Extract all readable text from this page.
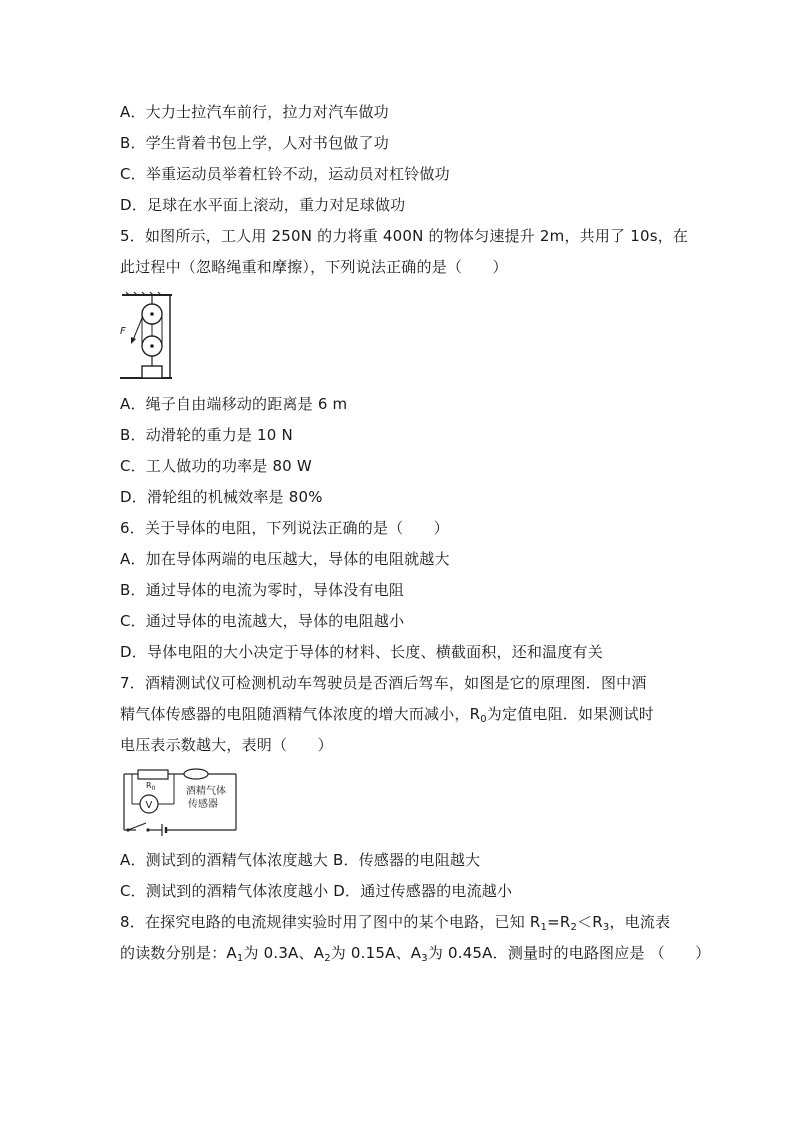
A．大力士拉汽车前行，拉力对汽车做功
B．学生背着书包上学，人对书包做了功
C．举重运动员举着杠铃不动，运动员对杠铃做功
D．足球在水平面上滚动，重力对足球做功
5．如图所示，工人用 250N 的力将重 400N 的物体匀速提升 2m，共用了 10s，在
此过程中（忽略绳重和摩擦），下列说法正确的是（　　）
F
A．绳子自由端移动的距离是 6 m
B．动滑轮的重力是 10 N
C．工人做功的功率是 80 W
D．滑轮组的机械效率是 80%
6．关于导体的电阻，下列说法正确的是（　　）
A．加在导体两端的电压越大，导体的电阻就越大
B．通过导体的电流为零时，导体没有电阻
C．通过导体的电流越大，导体的电阻越小
D．导体电阻的大小决定于导体的材料、长度、横截面积，还和温度有关
7．酒精测试仪可检测机动车驾驶员是否酒后驾车，如图是它的原理图．图中酒
精气体传感器的电阻随酒精气体浓度的增大而减小，$R_0$为定值电阻．如果测试时
电压表示数越大，表明（　　）
$R_0$
V
酒精气体
传感器
A．测试到的酒精气体浓度越大 B．传感器的电阻越大
C．测试到的酒精气体浓度越小 D．通过传感器的电流越小
8．在探究电路的电流规律实验时用了图中的某个电路，已知 $R_1=R_2<R_3$，电流表
的读数分别是：$A_1$为 0.3A、$A_2$为 0.15A、$A_3$为 0.45A．测量时的电路图应是 （　　）
